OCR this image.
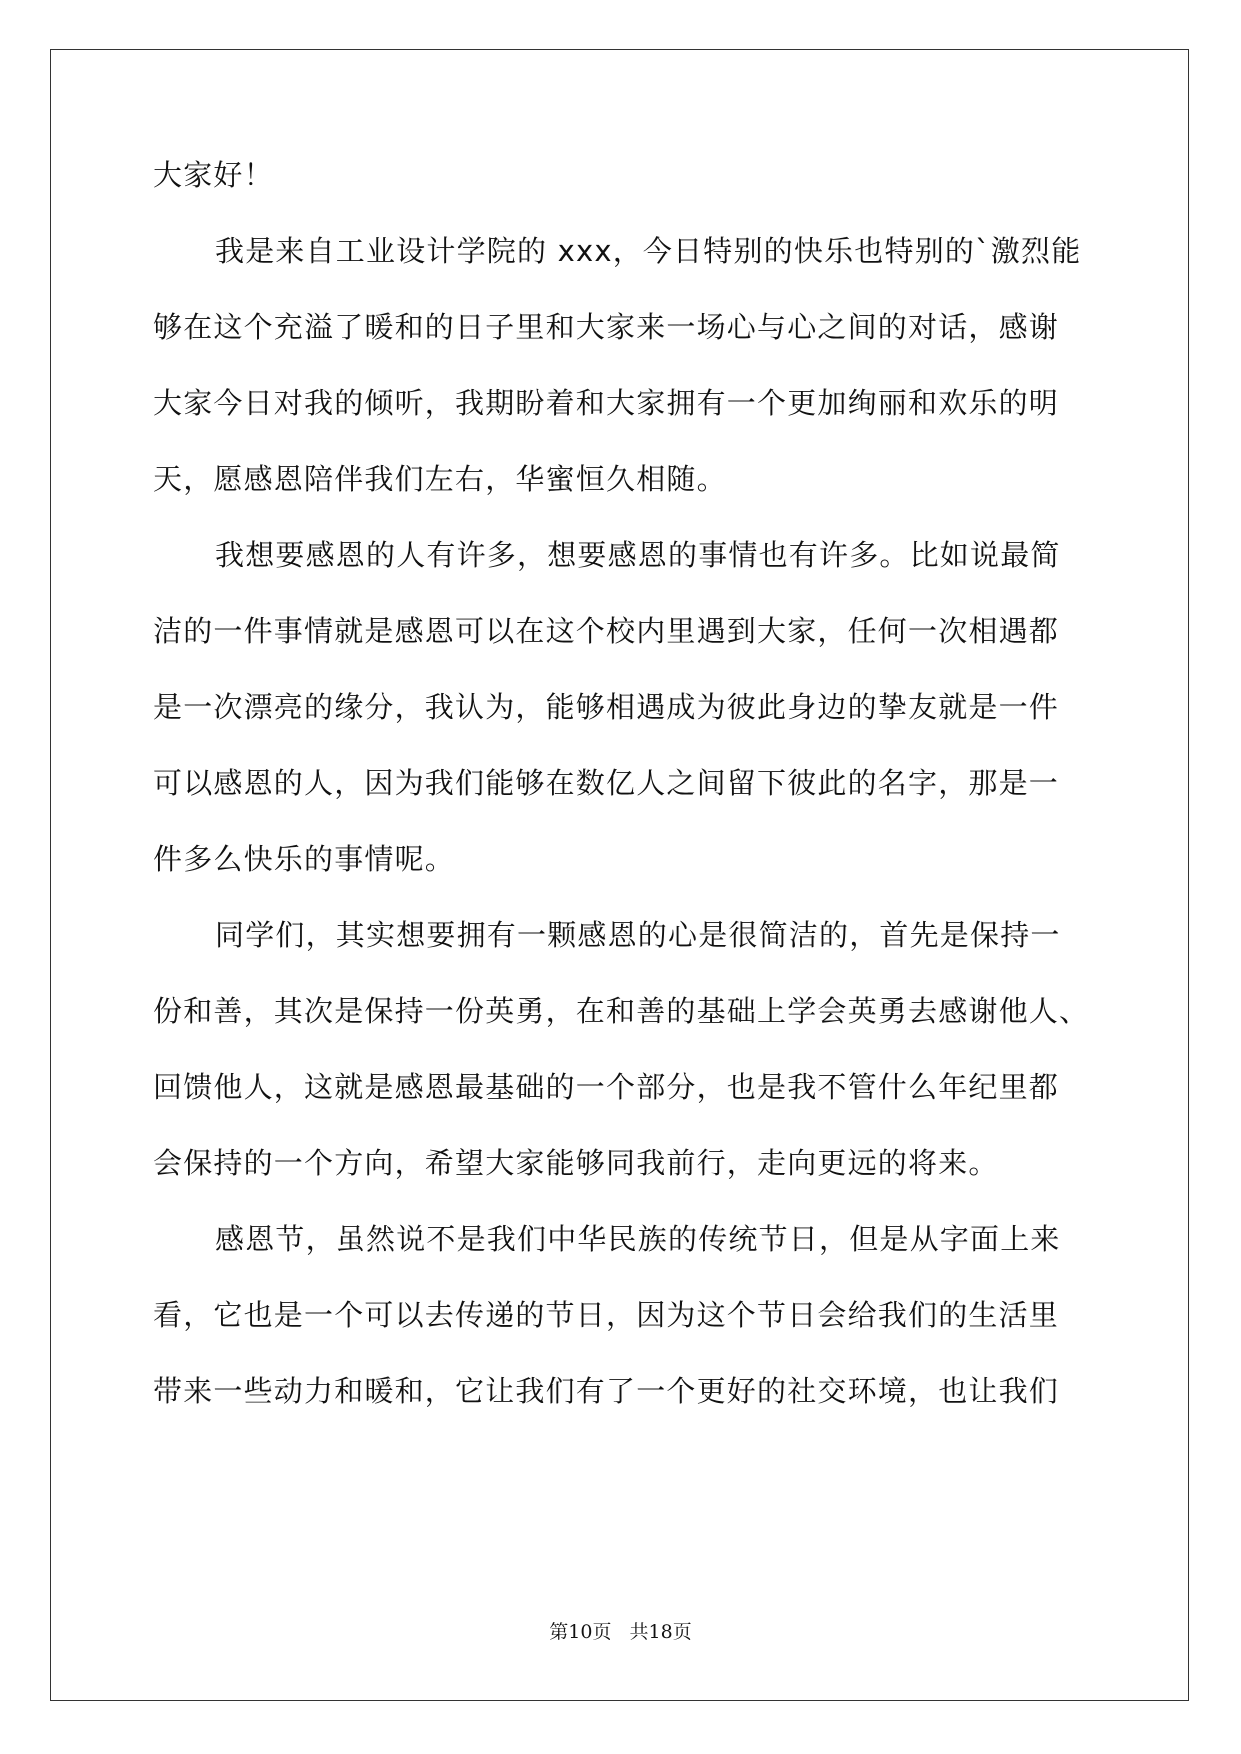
大家好！
我是来自工业设计学院的 xxx，今日特别的快乐也特别的`激烈能
够在这个充溢了暖和的日子里和大家来一场心与心之间的对话，感谢
大家今日对我的倾听，我期盼着和大家拥有一个更加绚丽和欢乐的明
天，愿感恩陪伴我们左右，华蜜恒久相随。
我想要感恩的人有许多，想要感恩的事情也有许多。比如说最简
洁的一件事情就是感恩可以在这个校内里遇到大家，任何一次相遇都
是一次漂亮的缘分，我认为，能够相遇成为彼此身边的挚友就是一件
可以感恩的人，因为我们能够在数亿人之间留下彼此的名字，那是一
件多么快乐的事情呢。
同学们，其实想要拥有一颗感恩的心是很简洁的，首先是保持一
份和善，其次是保持一份英勇，在和善的基础上学会英勇去感谢他人、
回馈他人，这就是感恩最基础的一个部分，也是我不管什么年纪里都
会保持的一个方向，希望大家能够同我前行，走向更远的将来。
感恩节，虽然说不是我们中华民族的传统节日，但是从字面上来
看，它也是一个可以去传递的节日，因为这个节日会给我们的生活里
带来一些动力和暖和，它让我们有了一个更好的社交环境，也让我们
第10页 共18页
